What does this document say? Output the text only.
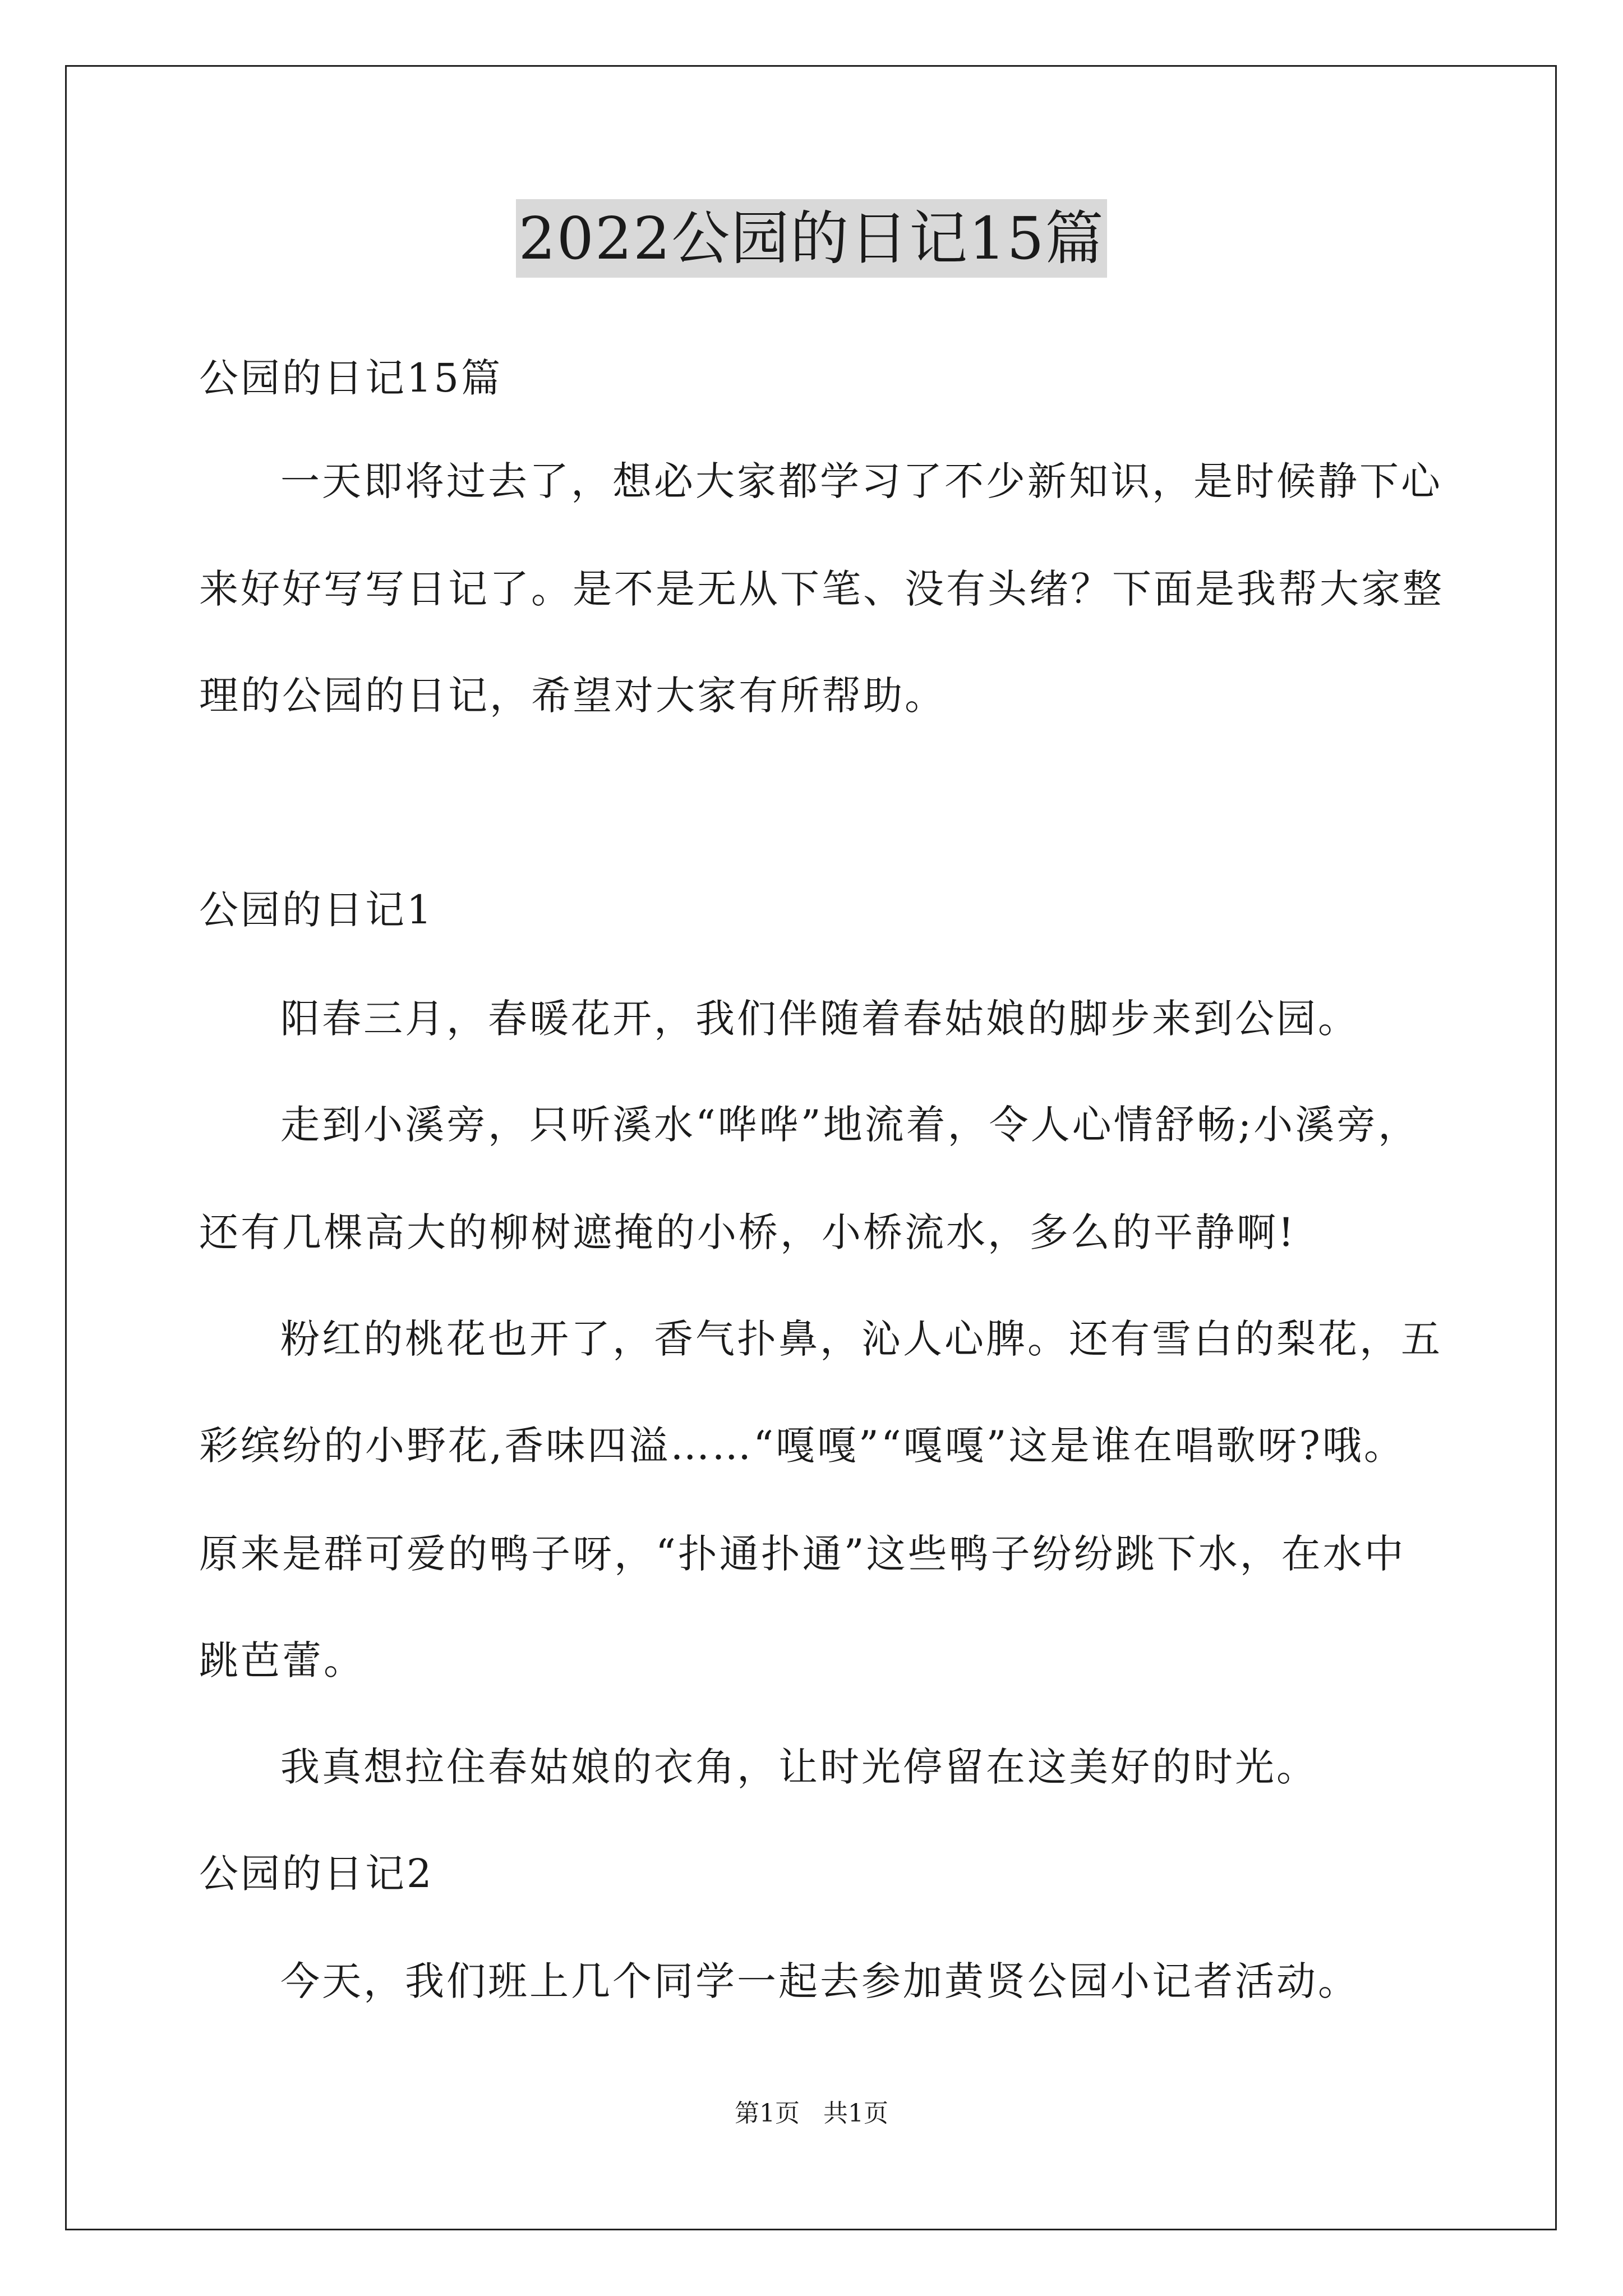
2022公园的日记15篇
公园的日记15篇
一天即将过去了，想必大家都学习了不少新知识，是时候静下心
来好好写写日记了。是不是无从下笔、没有头绪？下面是我帮大家整
理的公园的日记，希望对大家有所帮助。
公园的日记1
阳春三月，春暖花开，我们伴随着春姑娘的脚步来到公园。
走到小溪旁，只听溪水“哗哗”地流着，令人心情舒畅;小溪旁，
还有几棵高大的柳树遮掩的小桥，小桥流水，多么的平静啊!
粉红的桃花也开了，香气扑鼻，沁人心脾。还有雪白的梨花，五
彩缤纷的小野花,香味四溢……“嘎嘎”“嘎嘎”这是谁在唱歌呀?哦。
原来是群可爱的鸭子呀，“扑通扑通”这些鸭子纷纷跳下水，在水中
跳芭蕾。
我真想拉住春姑娘的衣角，让时光停留在这美好的时光。
公园的日记2
今天，我们班上几个同学一起去参加黄贤公园小记者活动。
第1页 共1页
